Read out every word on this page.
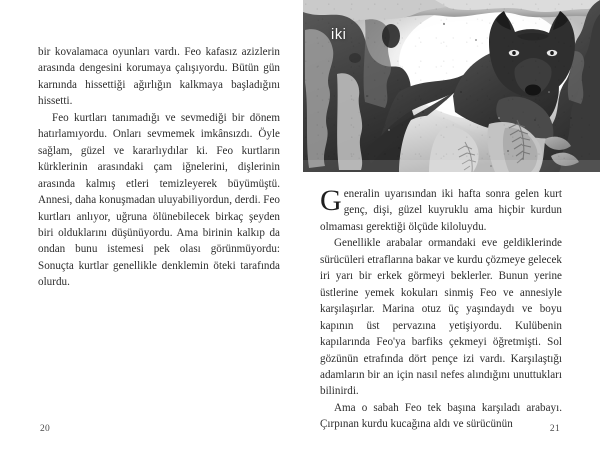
bir kovalamaca oyunları vardı. Feo kafasız azizlerin arasında dengesini korumaya çalışıyordu. Bütün gün karnında hissettiği ağırlığın kalkmaya başladığını hissetti.

Feo kurtları tanımadığı ve sevmediği bir dönem hatırlamıyordu. Onları sevmemek imkânsızdı. Öyle sağlam, güzel ve kararlıydılar ki. Feo kurtların kürklerinin arasındaki çam iğnelerini, dişlerinin arasında kalmış etleri temizleyerek büyümüştü. Annesi, daha konuşmadan uluyabiliyordun, derdi. Feo kurtları anlıyor, uğruna ölünebilecek birkaç şeyden biri olduklarını düşünüyordu. Ama birinin kalkıp da ondan bunu istemesi pek olası görünmüyordu: Sonuçta kurtlar genellikle denklemin öteki tarafında olurdu.

20
iki

Generalin uyarısından iki hafta sonra gelen kurt genç, dişi, güzel kuyruklu ama hiçbir kurdun olmaması gerektiği ölçüde kiloluydu.

Genellikle arabalar ormandaki eve geldiklerinde sürücüleri etraflarına bakar ve kurdu çözmeye gelecek iri yarı bir erkek görmeyi beklerler. Bunun yerine üstlerine yemek kokuları sinmiş Feo ve annesiyle karşılaşırlar. Marina otuz üç yaşındaydı ve boyu kapının üst pervazına yetişiyordu. Kulübenin kapılarında Feo'ya barfiks çekmeyi öğretmişti. Sol gözünün etrafında dört pençe izi vardı. Karşılaştığı adamların bir an için nasıl nefes alındığını unuttukları bilinirdi.

Ama o sabah Feo tek başına karşıladı arabayı. Çırpınan kurdu kucağına aldı ve sürücünün	21
